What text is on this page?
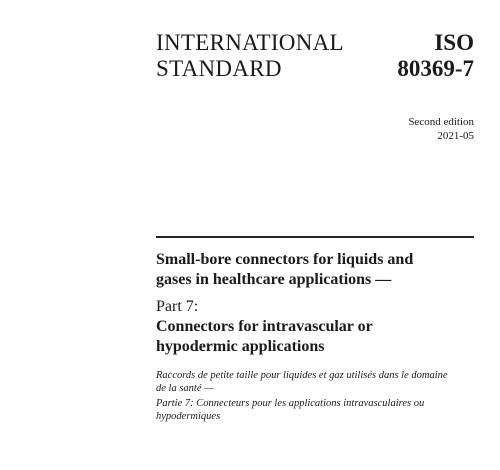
INTERNATIONAL
STANDARD
ISO
80369-7
Second edition
2021-05
Small-bore connectors for liquids and
gases in healthcare applications —
Part 7:
Connectors for intravascular or
hypodermic applications
Raccords de petite taille pour liquides et gaz utilisés dans le domaine
de la santé —
Partie 7: Connecteurs pour les applications intravasculaires ou
hypodermiques
